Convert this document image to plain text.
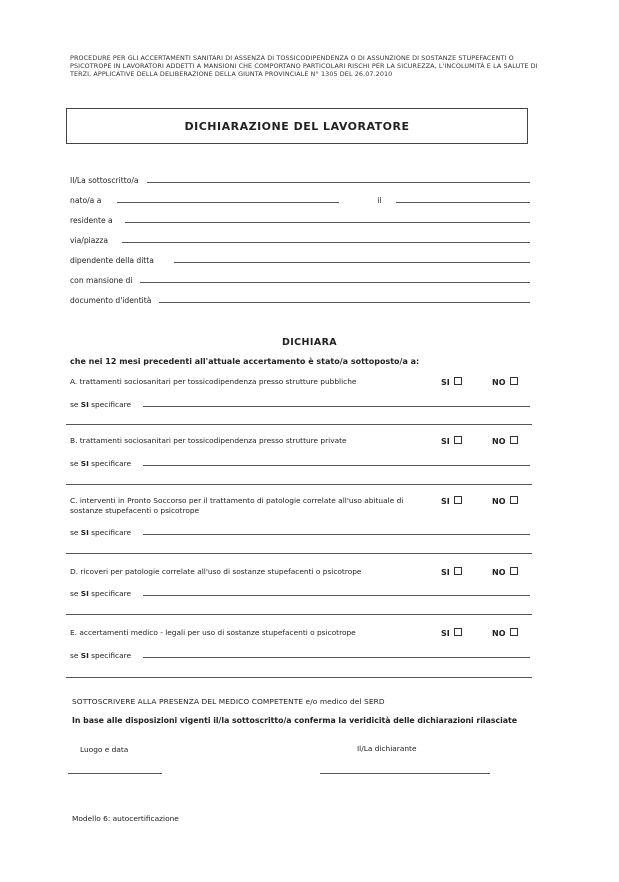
PROCEDURE PER GLI ACCERTAMENTI SANITARI DI ASSENZA DI TOSSICODIPENDENZA O DI ASSUNZIONE DI SOSTANZE STUPEFACENTI O PSICOTROPE IN LAVORATORI ADDETTI A MANSIONI CHE COMPORTANO PARTICOLARI RISCHI PER LA SICUREZZA, L'INCOLUMITÀ E LA SALUTE DI TERZI, APPLICATIVE DELLA DELIBERAZIONE DELLA GIUNTA PROVINCIALE N° 1305 DEL 26.07.2010
DICHIARAZIONE DEL LAVORATORE
Il/La sottoscritto/a
nato/a a	il
residente a
via/piazza
dipendente della ditta
con mansione di
documento d'identità
DICHIARA
che nei 12 mesi precedenti all'attuale accertamento è stato/a sottoposto/a a:
A. trattamenti sociosanitari per tossicodipendenza presso strutture pubbliche	SI	NO
se SI specificare
B. trattamenti sociosanitari per tossicodipendenza presso strutture private	SI	NO
se SI specificare
C. interventi in Pronto Soccorso per il trattamento di patologie correlate all'uso abituale di sostanze stupefacenti o psicotrope
SI	NO
se SI specificare
D. ricoveri per patologie correlate all'uso di sostanze stupefacenti o psicotrope	SI	NO
se SI specificare
E. accertamenti medico - legali per uso di sostanze stupefacenti o psicotrope	SI	NO
se SI specificare
SOTTOSCRIVERE ALLA PRESENZA DEL MEDICO COMPETENTE e/o medico del SERD
In base alle disposizioni vigenti il/la sottoscritto/a conferma la veridicità delle dichiarazioni rilasciate
Luogo e data	Il/La dichiarante
Modello 6: autocertificazione
